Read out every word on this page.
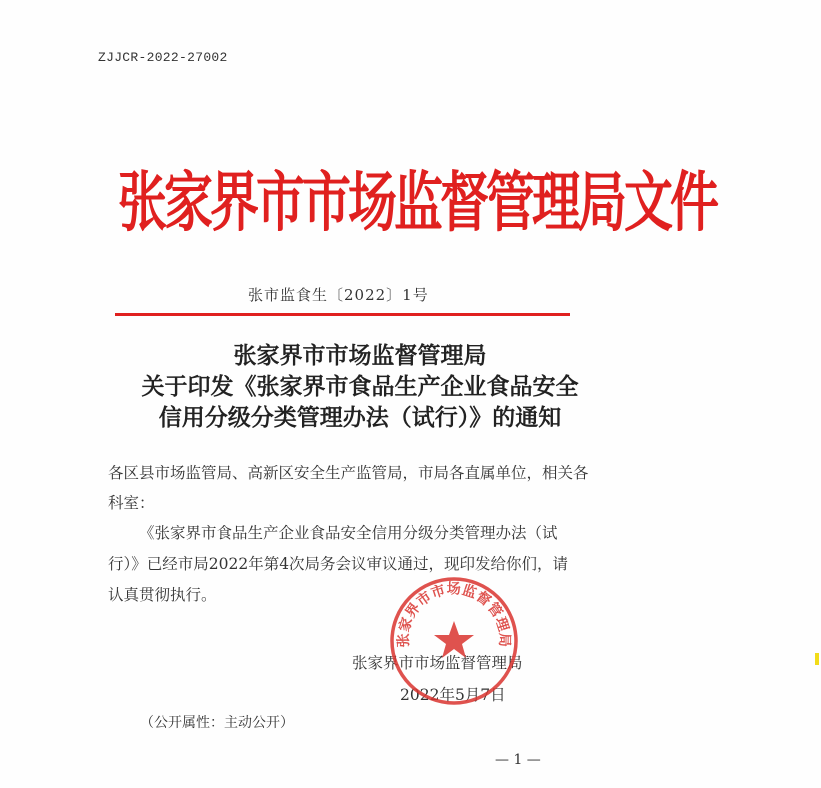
ZJJCR-2022-27002
张家界市市场监督管理局文件
张市监食生〔2022〕1号
张家界市市场监督管理局
关于印发《张家界市食品生产企业食品安全
信用分级分类管理办法（试行）》的通知
各区县市场监管局、高新区安全生产监管局，市局各直属单位，相关各科室：
《张家界市食品生产企业食品安全信用分级分类管理办法（试行）》已经市局2022年第4次局务会议审议通过，现印发给你们，请认真贯彻执行。
张家界市市场监督管理局
2022年5月7日
张家界市市场监督管理局
（公开属性：主动公开）
— 1 —
